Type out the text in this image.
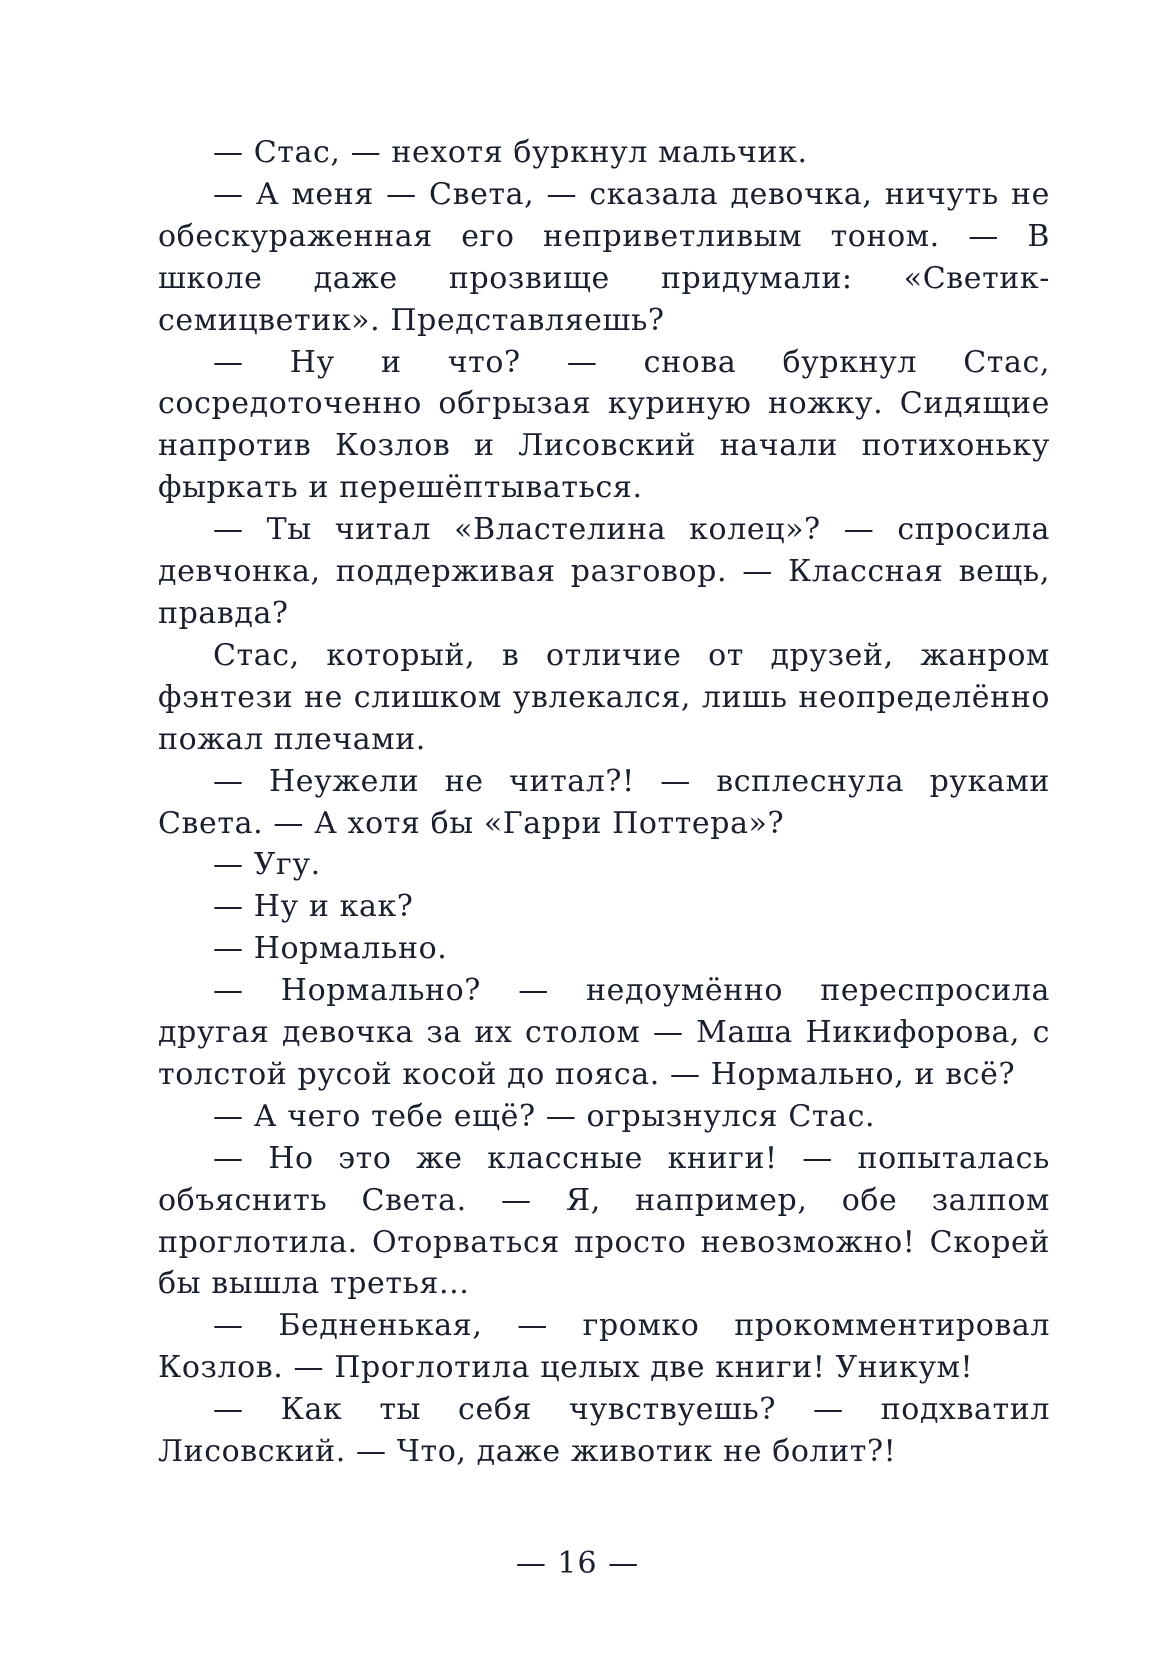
— Стас, — нехотя буркнул мальчик.

— А меня — Света, — сказала девочка, ничуть не обескураженная его неприветливым тоном. — В школе даже прозвище придумали: «Светик-семицветик». Представляешь?

— Ну и что? — снова буркнул Стас, сосредоточенно обгрызая куриную ножку. Сидящие напротив Козлов и Лисовский начали потихоньку фыркать и перешёптываться.

— Ты читал «Властелина колец»? — спросила девчонка, поддерживая разговор. — Классная вещь, правда?

Стас, который, в отличие от друзей, жанром фэнтези не слишком увлекался, лишь неопределённо пожал плечами.

— Неужели не читал?! — всплеснула руками Света. — А хотя бы «Гарри Поттера»?

— Угу.

— Ну и как?

— Нормально.

— Нормально? — недоумённо переспросила другая девочка за их столом — Маша Никифорова, с толстой русой косой до пояса. — Нормально, и всё?

— А чего тебе ещё? — огрызнулся Стас.

— Но это же классные книги! — попыталась объяснить Света. — Я, например, обе залпом проглотила. Оторваться просто невозможно! Скорей бы вышла третья...

— Бедненькая, — громко прокомментировал Козлов. — Проглотила целых две книги! Уникум!

— Как ты себя чувствуешь? — подхватил Лисовский. — Что, даже животик не болит?!

— 16 —
